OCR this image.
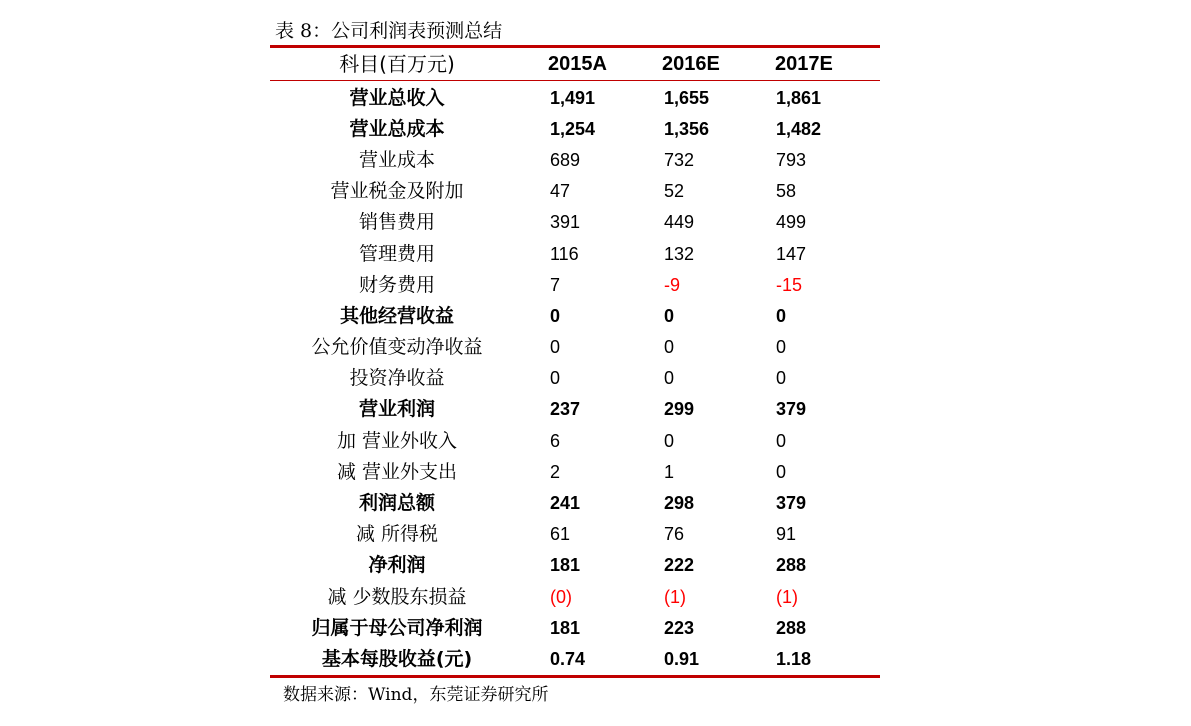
表 8：公司利润表预测总结
科目(百万元)	2015A	2016E	2017E
营业总收入	1,491	1,655	1,861
营业总成本	1,254	1,356	1,482
营业成本	689	732	793
营业税金及附加	47	52	58
销售费用	391	449	499
管理费用	116	132	147
财务费用	7	-9	-15
其他经营收益	0	0	0
公允价值变动净收益	0	0	0
投资净收益	0	0	0
营业利润	237	299	379
加 营业外收入	6	0	0
减 营业外支出	2	1	0
利润总额	241	298	379
减 所得税	61	76	91
净利润	181	222	288
减 少数股东损益	(0)	(1)	(1)
归属于母公司净利润	181	223	288
基本每股收益(元)	0.74	0.91	1.18
数据来源：Wind，东莞证券研究所
